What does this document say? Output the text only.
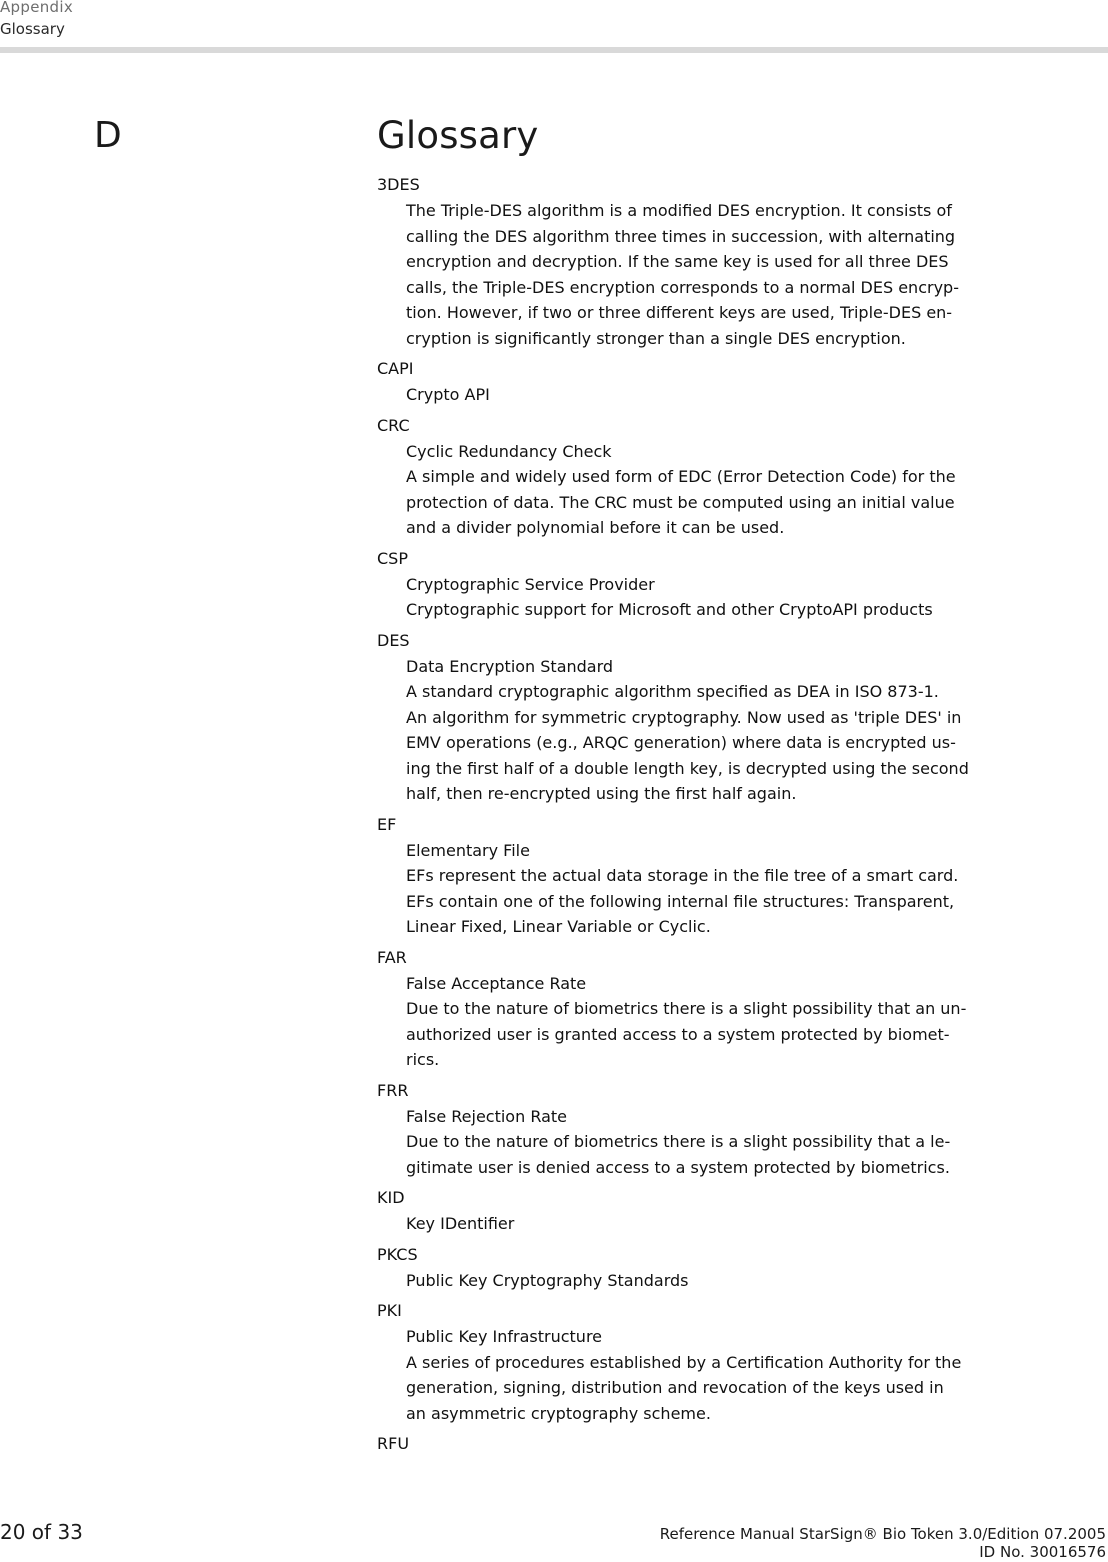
Appendix
Glossary
D	Glossary
3DES
The Triple-DES algorithm is a modified DES encryption. It consists of
calling the DES algorithm three times in succession, with alternating
encryption and decryption. If the same key is used for all three DES
calls, the Triple-DES encryption corresponds to a normal DES encryp-
tion. However, if two or three different keys are used, Triple-DES en-
cryption is significantly stronger than a single DES encryption.
CAPI
Crypto API
CRC
Cyclic Redundancy Check
A simple and widely used form of EDC (Error Detection Code) for the
protection of data. The CRC must be computed using an initial value
and a divider polynomial before it can be used.
CSP
Cryptographic Service Provider
Cryptographic support for Microsoft and other CryptoAPI products
DES
Data Encryption Standard
A standard cryptographic algorithm specified as DEA in ISO 873-1.
An algorithm for symmetric cryptography. Now used as 'triple DES' in
EMV operations (e.g., ARQC generation) where data is encrypted us-
ing the first half of a double length key, is decrypted using the second
half, then re-encrypted using the first half again.
EF
Elementary File
EFs represent the actual data storage in the file tree of a smart card.
EFs contain one of the following internal file structures: Transparent,
Linear Fixed, Linear Variable or Cyclic.
FAR
False Acceptance Rate
Due to the nature of biometrics there is a slight possibility that an un-
authorized user is granted access to a system protected by biomet-
rics.
FRR
False Rejection Rate
Due to the nature of biometrics there is a slight possibility that a le-
gitimate user is denied access to a system protected by biometrics.
KID
Key IDentifier
PKCS
Public Key Cryptography Standards
PKI
Public Key Infrastructure
A series of procedures established by a Certification Authority for the
generation, signing, distribution and revocation of the keys used in
an asymmetric cryptography scheme.
RFU
20 of 33	Reference Manual StarSign® Bio Token 3.0/Edition 07.2005
ID No. 30016576
